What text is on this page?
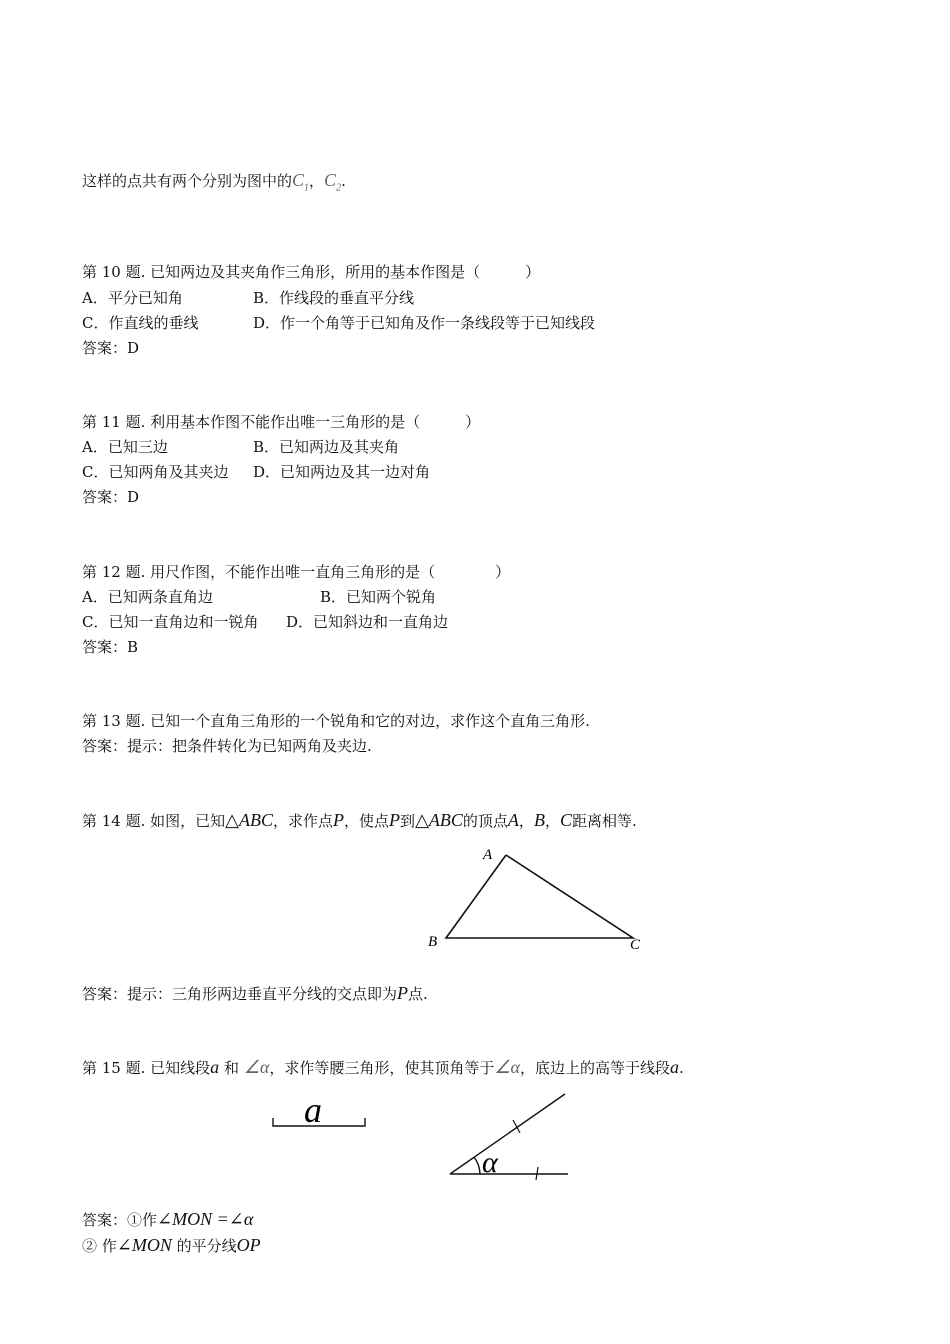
这样的点共有两个分别为图中的$C_1$，$C_2$.
第 10 题. 已知两边及其夹角作三角形，所用的基本作图是（　　　）
A．平分已知角	B．作线段的垂直平分线
C．作直线的垂线	D．作一个角等于已知角及作一条线段等于已知线段
答案：D
第 11 题. 利用基本作图不能作出唯一三角形的是（　　　）
A．已知三边	B．已知两边及其夹角
C．已知两角及其夹边 D．已知两边及其一边对角
答案：D
第 12 题. 用尺作图，不能作出唯一直角三角形的是（　　　　）
A．已知两条直角边	B．已知两个锐角
C．已知一直角边和一锐角 D．已知斜边和一直角边
答案：B
第 13 题. 已知一个直角三角形的一个锐角和它的对边，求作这个直角三角形.
答案：提示：把条件转化为已知两角及夹边.
第 14 题. 如图，已知△ABC，求作点P，使点P到△ABC的顶点A，B，C距离相等.
A
B	C
答案：提示：三角形两边垂直平分线的交点即为P点.
第 15 题. 已知线段a 和 ∠α，求作等腰三角形，使其顶角等于∠α，底边上的高等于线段a.
a
α
答案：①作∠MON =∠α
② 作∠MON 的平分线OP
